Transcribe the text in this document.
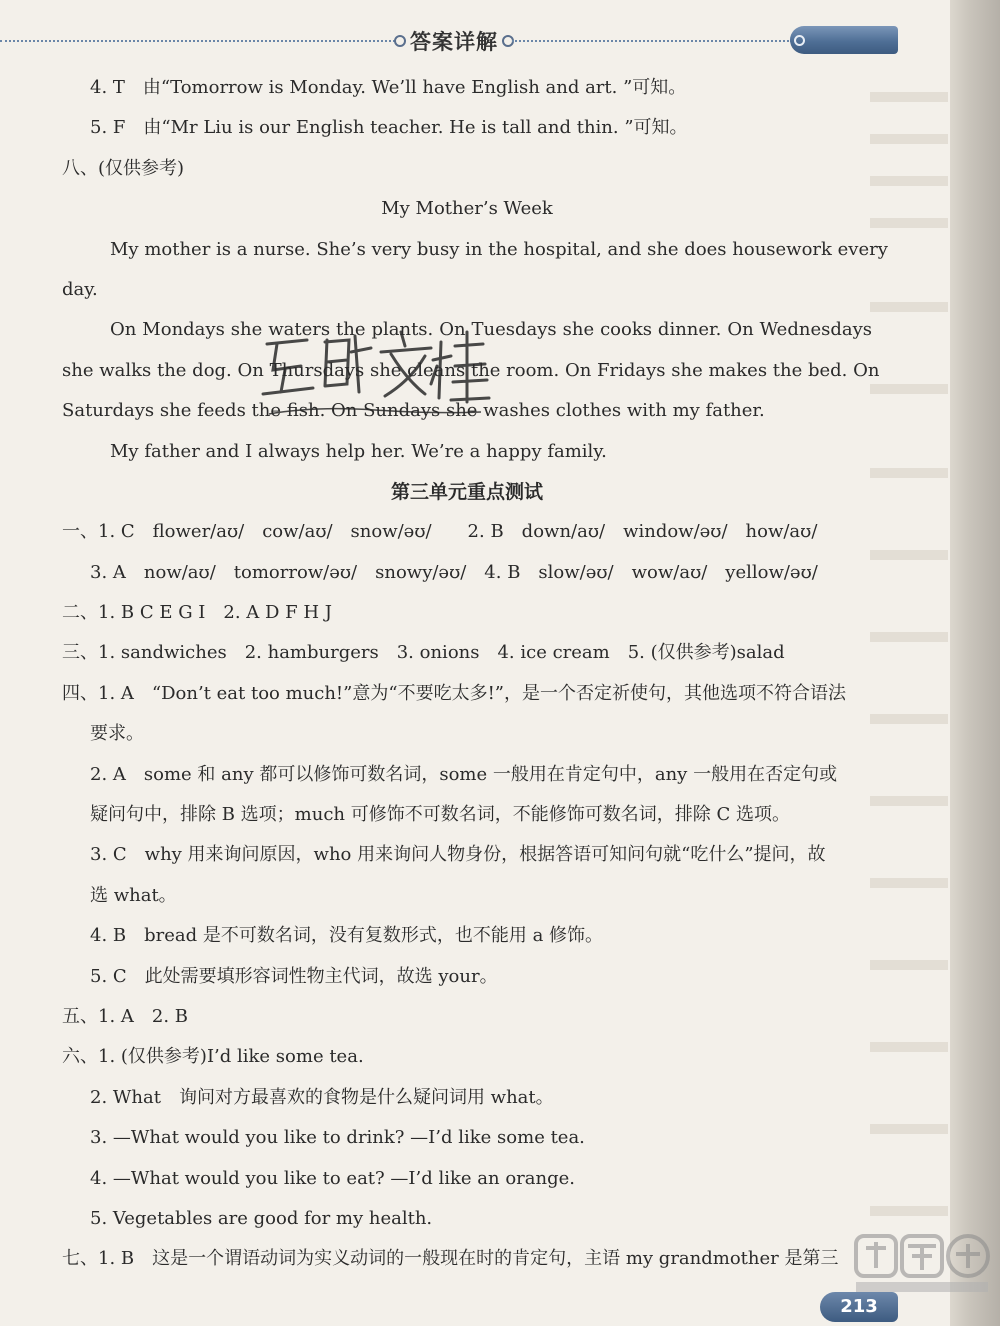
答案详解
4. T　由“Tomorrow is Monday. We’ll have English and art. ”可知。
5. F　由“Mr Liu is our English teacher. He is tall and thin. ”可知。
八、(仅供参考)
My Mother’s Week
My mother is a nurse. She’s very busy in the hospital, and she does housework every
day.
On Mondays she waters the plants. On Tuesdays she cooks dinner. On Wednesdays
she walks the dog. On Thursdays she cleans the room. On Fridays she makes the bed. On
Saturdays she feeds the fish. On Sundays she washes clothes with my father.
My father and I always help her. We’re a happy family.
第三单元重点测试
一、1. C　flower/aʊ/　cow/aʊ/　snow/əʊ/　　2. B　down/aʊ/　window/əʊ/　how/aʊ/
3. A　now/aʊ/　tomorrow/əʊ/　snowy/əʊ/　4. B　slow/əʊ/　wow/aʊ/　yellow/əʊ/
二、1. B C E G I　2. A D F H J
三、1. sandwiches　2. hamburgers　3. onions　4. ice cream　5. (仅供参考)salad
四、1. A　“Don’t eat too much!”意为“不要吃太多!”，是一个否定祈使句，其他选项不符合语法
要求。
2. A　some 和 any 都可以修饰可数名词，some 一般用在肯定句中，any 一般用在否定句或
疑问句中，排除 B 选项；much 可修饰不可数名词，不能修饰可数名词，排除 C 选项。
3. C　why 用来询问原因，who 用来询问人物身份，根据答语可知问句就“吃什么”提问，故
选 what。
4. B　bread 是不可数名词，没有复数形式，也不能用 a 修饰。
5. C　此处需要填形容词性物主代词，故选 your。
五、1. A　2. B
六、1. (仅供参考)I’d like some tea.
2. What　询问对方最喜欢的食物是什么疑问词用 what。
3. —What would you like to drink? —I’d like some tea.
4. —What would you like to eat? —I’d like an orange.
5. Vegetables are good for my health.
七、1. B　这是一个谓语动词为实义动词的一般现在时的肯定句，主语 my grandmother 是第三
213
